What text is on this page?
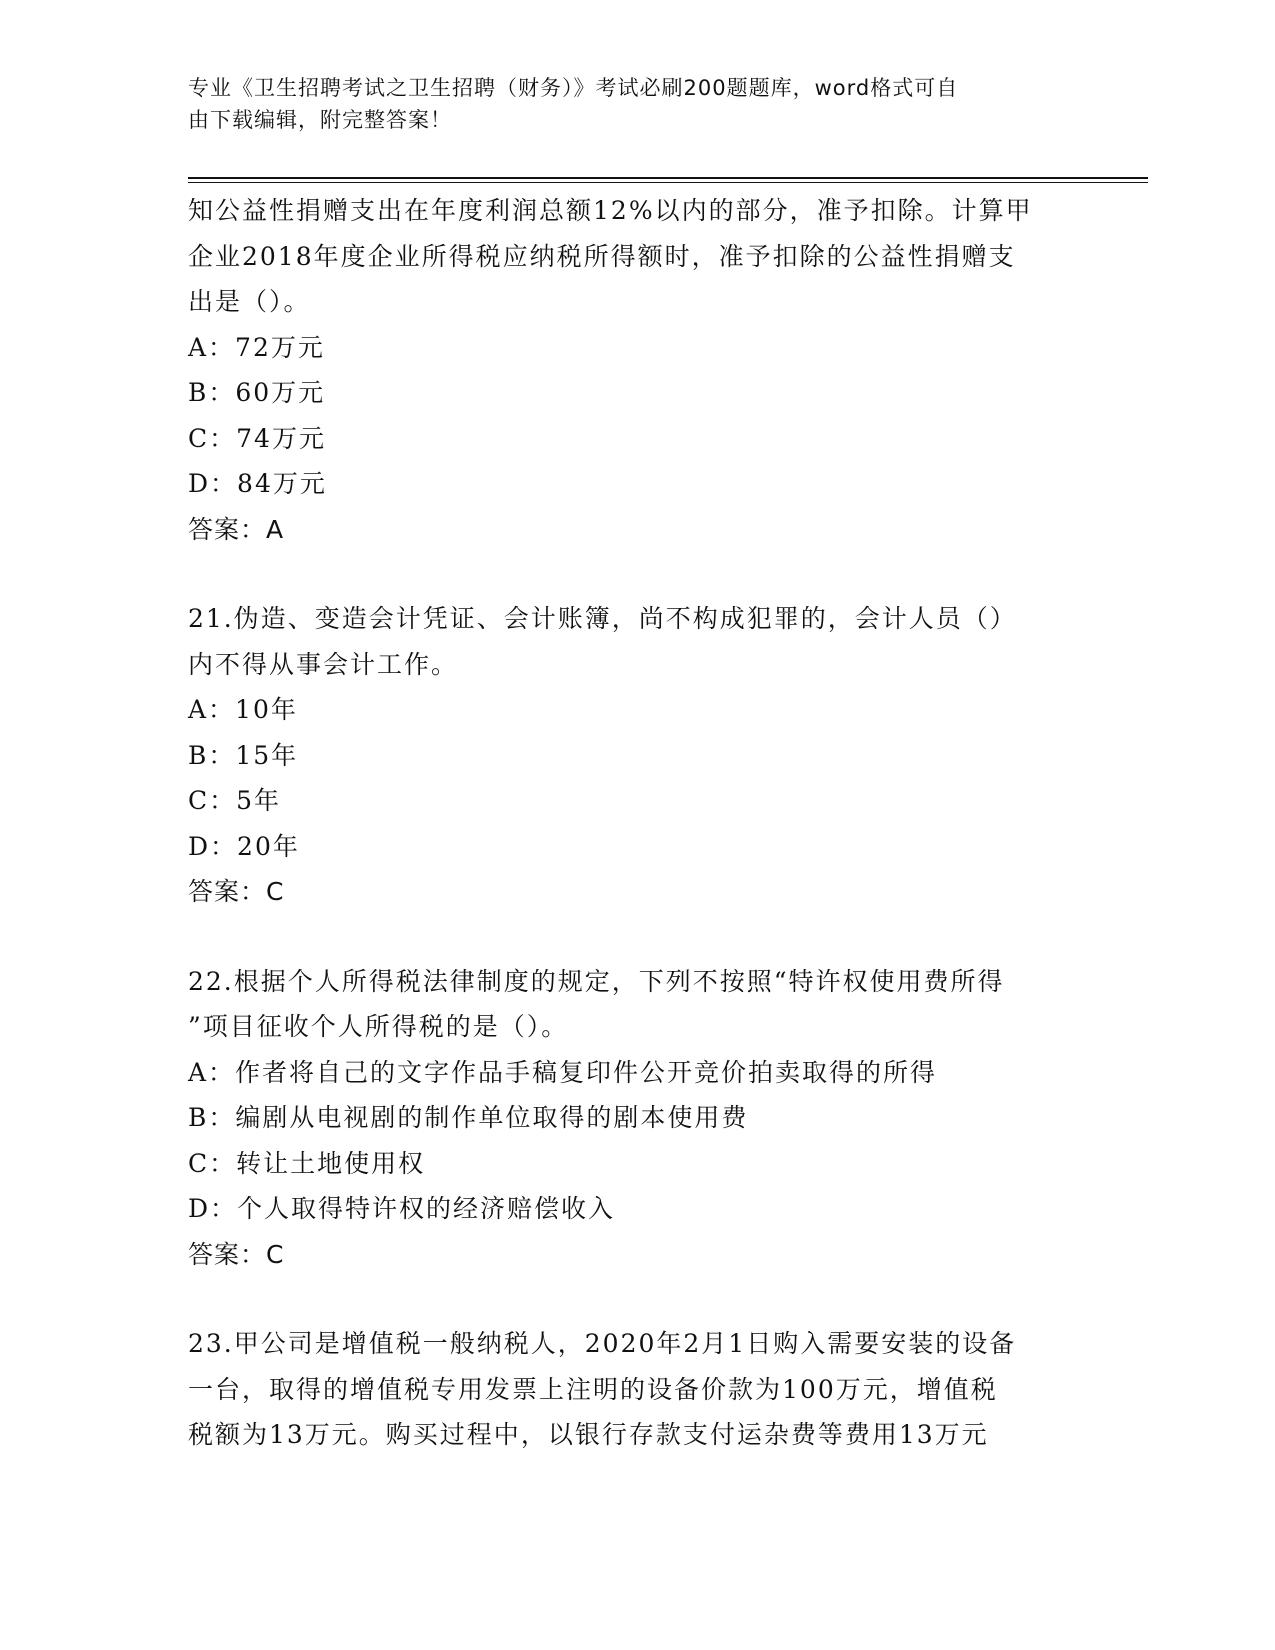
专业《卫生招聘考试之卫生招聘（财务）》考试必刷200题题库，word格式可自
由下载编辑，附完整答案！
知公益性捐赠支出在年度利润总额12%以内的部分，准予扣除。计算甲
企业2018年度企业所得税应纳税所得额时，准予扣除的公益性捐赠支
出是（）。
A：72万元
B：60万元
C：74万元
D：84万元
答案：A
21.伪造、变造会计凭证、会计账簿，尚不构成犯罪的，会计人员（）
内不得从事会计工作。
A：10年
B：15年
C：5年
D：20年
答案：C
22.根据个人所得税法律制度的规定，下列不按照“特许权使用费所得
”项目征收个人所得税的是（）。
A：作者将自己的文字作品手稿复印件公开竞价拍卖取得的所得
B：编剧从电视剧的制作单位取得的剧本使用费
C：转让土地使用权
D：个人取得特许权的经济赔偿收入
答案：C
23.甲公司是增值税一般纳税人，2020年2月1日购入需要安装的设备
一台，取得的增值税专用发票上注明的设备价款为100万元，增值税
税额为13万元。购买过程中，以银行存款支付运杂费等费用13万元
